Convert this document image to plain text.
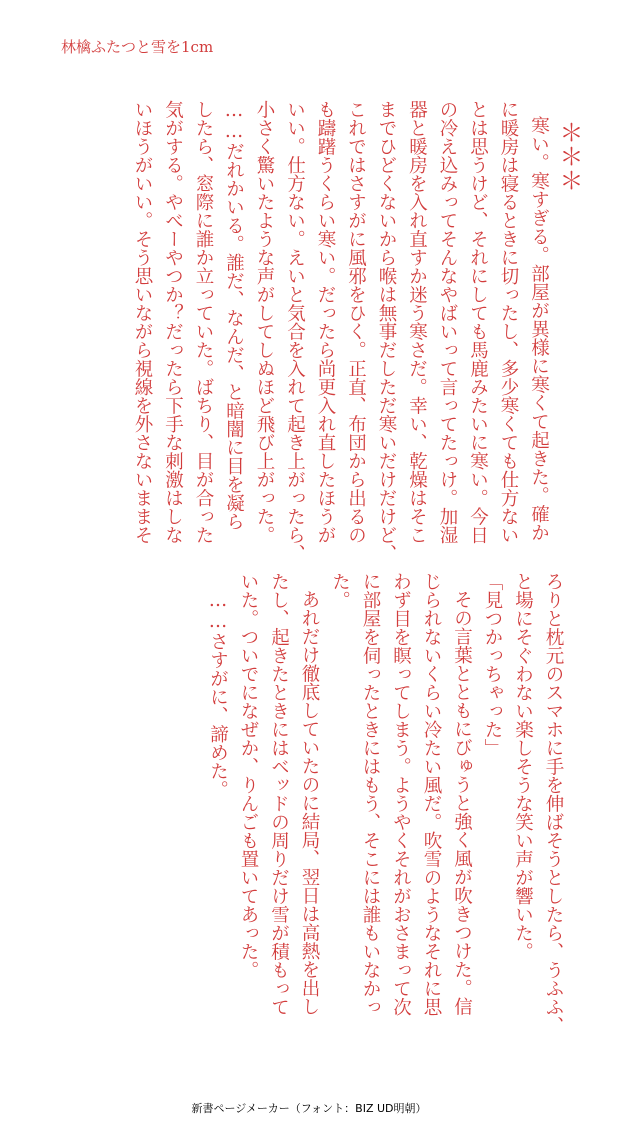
林檎ふたつと雪を1cm

＊＊＊

寒い。寒すぎる。部屋が異様に寒くて起きた。確か

に暖房は寝るときに切ったし、多少寒くても仕方ない

とは思うけど、それにしても馬鹿みたいに寒い。今日

の冷え込みってそんなやばいって言ってたっけ。加湿

器と暖房を入れ直すか迷う寒さだ。幸い、乾燥はそこ

までひどくないから喉は無事だしただ寒いだけだけど、

これではさすがに風邪をひく。正直、布団から出るの

も躊躇うくらい寒い。だったら尚更入れ直したほうが

いい。仕方ない。えいと気合を入れて起き上がったら、

小さく驚いたような声がしてしぬほど飛び上がった。

……だれかいる。誰だ、なんだ、と暗闇に目を凝ら

したら、窓際に誰か立っていた。ばちり、目が合った

気がする。やべーやつか？だったら下手な刺激はしな

いほうがいい。そう思いながら視線を外さないままそ

ろりと枕元のスマホに手を伸ばそうとしたら、うふふ、

と場にそぐわない楽しそうな笑い声が響いた。

「見つかっちゃった」

その言葉とともにびゅうと強く風が吹きつけた。信

じられないくらい冷たい風だ。吹雪のようなそれに思

わず目を瞑ってしまう。ようやくそれがおさまって次

に部屋を伺ったときにはもう、そこには誰もいなかっ

た。

あれだけ徹底していたのに結局、翌日は高熱を出し

たし、起きたときにはベッドの周りだけ雪が積もって

いた。ついでになぜか、りんごも置いてあった。

……さすがに、諦めた。

新書ページメーカー（フォント：BIZ UD明朝）
